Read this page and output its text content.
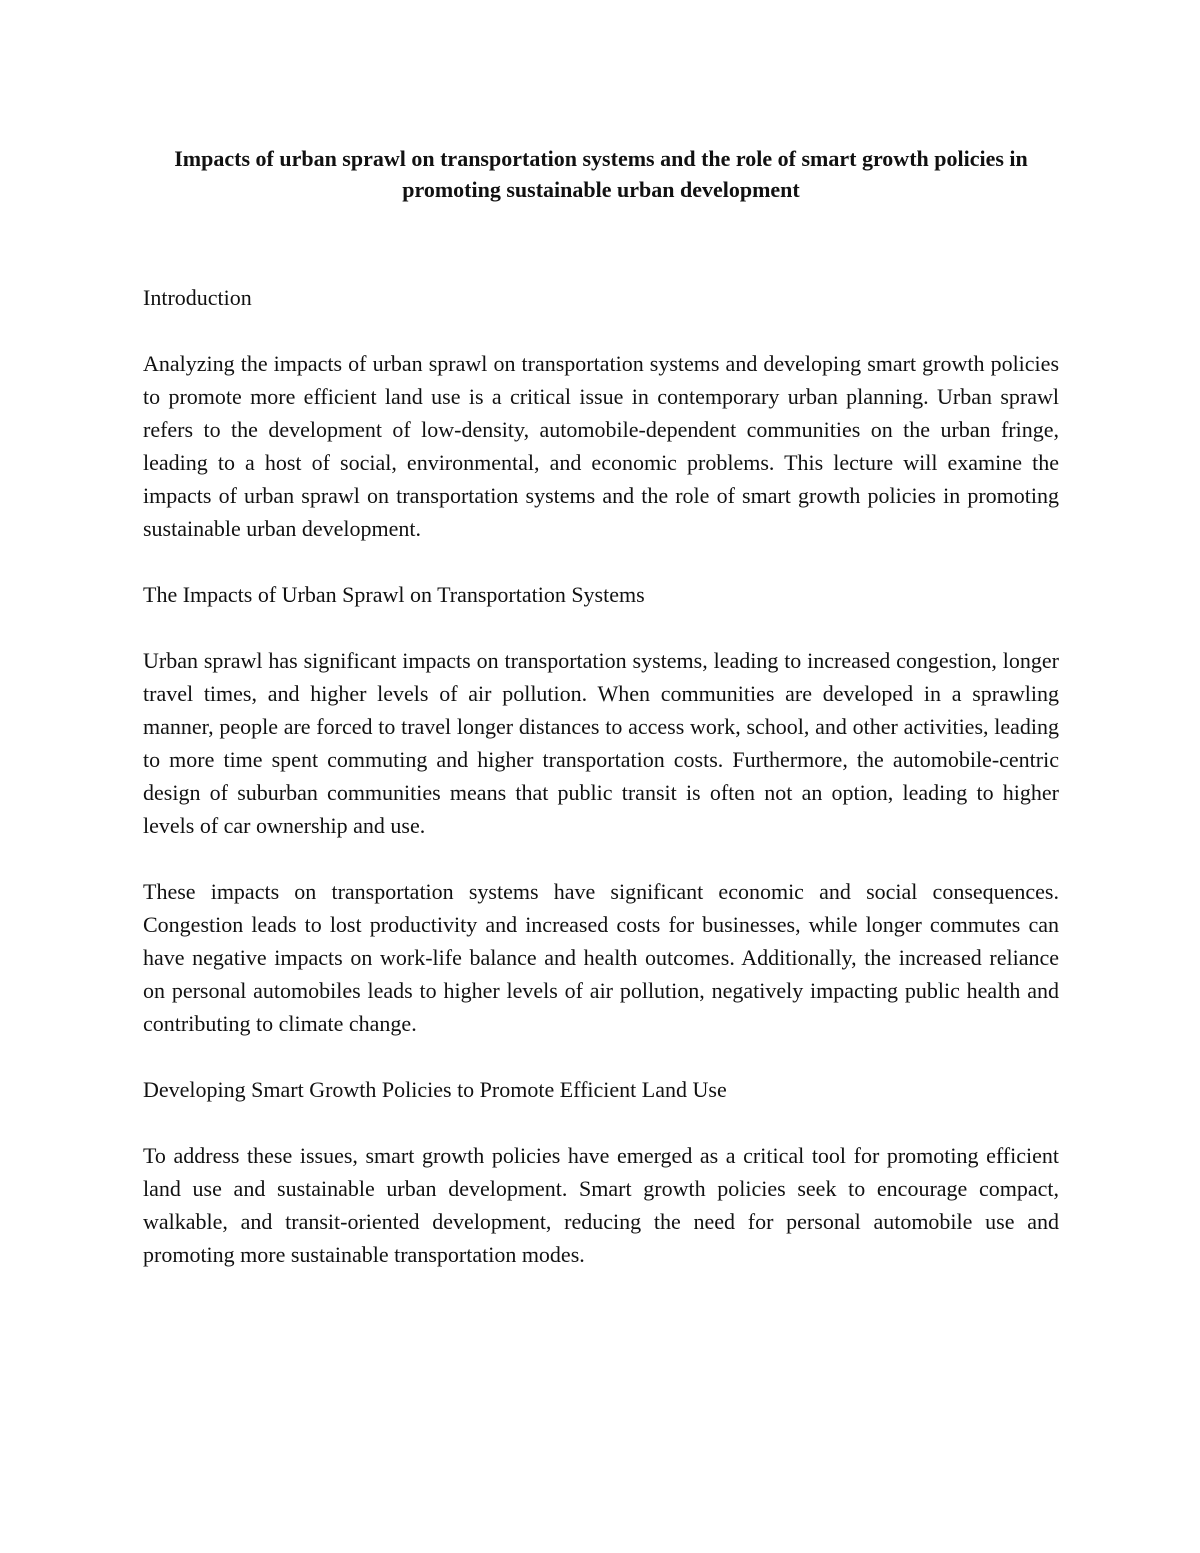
Impacts of urban sprawl on transportation systems and the role of smart growth policies in promoting sustainable urban development

Introduction

Analyzing the impacts of urban sprawl on transportation systems and developing smart growth policies to promote more efficient land use is a critical issue in contemporary urban planning. Urban sprawl refers to the development of low-density, automobile-dependent communities on the urban fringe, leading to a host of social, environmental, and economic problems. This lecture will examine the impacts of urban sprawl on transportation systems and the role of smart growth policies in promoting sustainable urban development.

The Impacts of Urban Sprawl on Transportation Systems

Urban sprawl has significant impacts on transportation systems, leading to increased congestion, longer travel times, and higher levels of air pollution. When communities are developed in a sprawling manner, people are forced to travel longer distances to access work, school, and other activities, leading to more time spent commuting and higher transportation costs. Furthermore, the automobile-centric design of suburban communities means that public transit is often not an option, leading to higher levels of car ownership and use.

These impacts on transportation systems have significant economic and social consequences. Congestion leads to lost productivity and increased costs for businesses, while longer commutes can have negative impacts on work-life balance and health outcomes. Additionally, the increased reliance on personal automobiles leads to higher levels of air pollution, negatively impacting public health and contributing to climate change.

Developing Smart Growth Policies to Promote Efficient Land Use

To address these issues, smart growth policies have emerged as a critical tool for promoting efficient land use and sustainable urban development. Smart growth policies seek to encourage compact, walkable, and transit-oriented development, reducing the need for personal automobile use and promoting more sustainable transportation modes.
